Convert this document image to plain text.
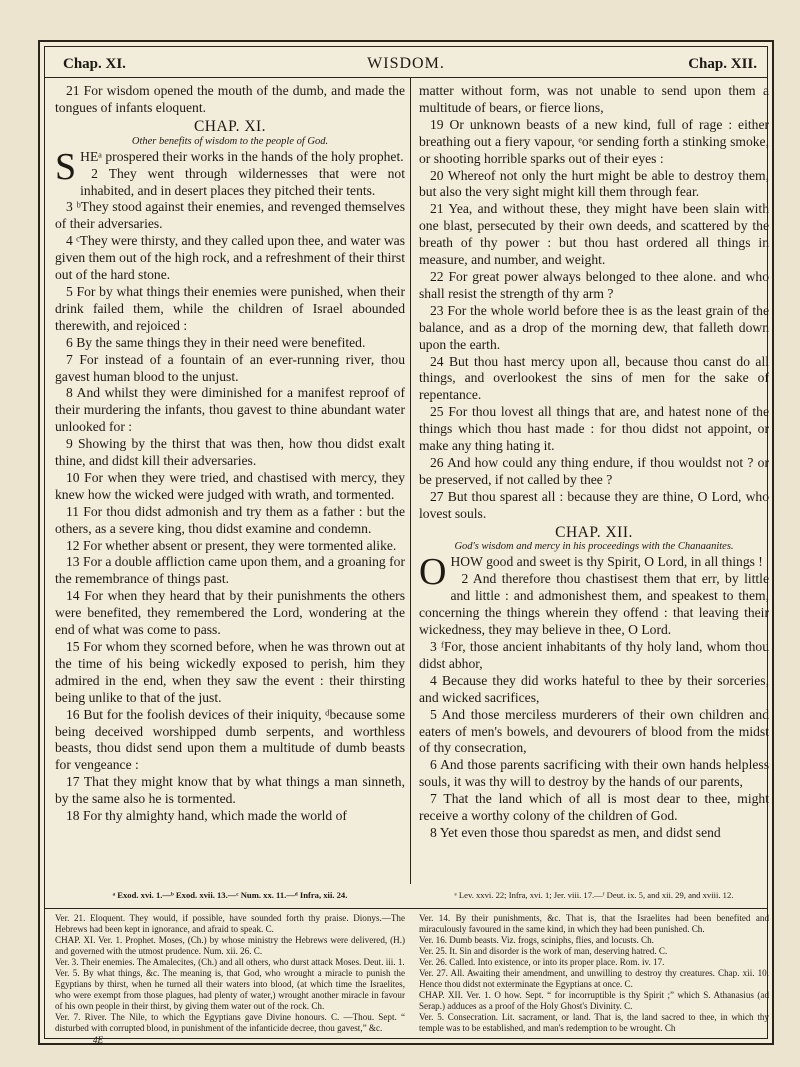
Chap. XI.	WISDOM.	Chap. XII.

21 For wisdom opened the mouth of the dumb, and made the tongues of infants eloquent.

CHAP. XI.
Other benefits of wisdom to the people of God.

SHEᵃ prospered their works in the hands of the holy prophet.

2 They went through wildernesses that were not inhabited, and in desert places they pitched their tents.

3 ᵇThey stood against their enemies, and revenged themselves of their adversaries.

4 ᶜThey were thirsty, and they called upon thee, and water was given them out of the high rock, and a refreshment of their thirst out of the hard stone.

5 For by what things their enemies were punished, when their drink failed them, while the children of Israel abounded therewith, and rejoiced :

6 By the same things they in their need were benefited.

7 For instead of a fountain of an ever-running river, thou gavest human blood to the unjust.

8 And whilst they were diminished for a manifest reproof of their murdering the infants, thou gavest to thine abundant water unlooked for :

9 Showing by the thirst that was then, how thou didst exalt thine, and didst kill their adversaries.

10 For when they were tried, and chastised with mercy, they knew how the wicked were judged with wrath, and tormented.

11 For thou didst admonish and try them as a father : but the others, as a severe king, thou didst examine and condemn.

12 For whether absent or present, they were tormented alike.

13 For a double affliction came upon them, and a groaning for the remembrance of things past.

14 For when they heard that by their punishments the others were benefited, they remembered the Lord, wondering at the end of what was come to pass.

15 For whom they scorned before, when he was thrown out at the time of his being wickedly exposed to perish, him they admired in the end, when they saw the event : their thirsting being unlike to that of the just.

16 But for the foolish devices of their iniquity, ᵈbecause some being deceived worshipped dumb serpents, and worthless beasts, thou didst send upon them a multitude of dumb beasts for vengeance :

17 That they might know that by what things a man sinneth, by the same also he is tormented.

18 For thy almighty hand, which made the world of

matter without form, was not unable to send upon them a multitude of bears, or fierce lions,

19 Or unknown beasts of a new kind, full of rage : either breathing out a fiery vapour, ᵉor sending forth a stinking smoke, or shooting horrible sparks out of their eyes :

20 Whereof not only the hurt might be able to destroy them, but also the very sight might kill them through fear.

21 Yea, and without these, they might have been slain with one blast, persecuted by their own deeds, and scattered by the breath of thy power : but thou hast ordered all things in measure, and number, and weight.

22 For great power always belonged to thee alone. and who shall resist the strength of thy arm ?

23 For the whole world before thee is as the least grain of the balance, and as a drop of the morning dew, that falleth down upon the earth.

24 But thou hast mercy upon all, because thou canst do all things, and overlookest the sins of men for the sake of repentance.

25 For thou lovest all things that are, and hatest none of the things which thou hast made : for thou didst not appoint, or make any thing hating it.

26 And how could any thing endure, if thou wouldst not ? or be preserved, if not called by thee ?

27 But thou sparest all : because they are thine, O Lord, who lovest souls.

CHAP. XII.
God's wisdom and mercy in his proceedings with the Chanaanites.

OHOW good and sweet is thy Spirit, O Lord, in all things !

2 And therefore thou chastisest them that err, by little and little : and admonishest them, and speakest to them, concerning the things wherein they offend : that leaving their wickedness, they may believe in thee, O Lord.

3 ᶠFor, those ancient inhabitants of thy holy land, whom thou didst abhor,

4 Because they did works hateful to thee by their sorceries, and wicked sacrifices,

5 And those merciless murderers of their own children and eaters of men's bowels, and devourers of blood from the midst of thy consecration,

6 And those parents sacrificing with their own hands helpless souls, it was thy will to destroy by the hands of our parents,

7 That the land which of all is most dear to thee, might receive a worthy colony of the children of God.

8 Yet even those thou sparedst as men, and didst send

ᵃ Exod. xvi. 1.—ᵇ Exod. xvii. 13.—ᶜ Num. xx. 11.—ᵈ Infra, xii. 24.	ᵉ Lev. xxvi. 22; Infra, xvi. 1; Jer. viii. 17.—ᶠ Deut. ix. 5, and xii. 29, and xviii. 12.

Ver. 21. Eloquent. They would, if possible, have sounded forth thy praise. Dionys.—The Hebrews had been kept in ignorance, and afraid to speak. C.

CHAP. XI. Ver. 1. Prophet. Moses, (Ch.) by whose ministry the Hebrews were delivered, (H.) and governed with the utmost prudence. Num. xii. 26. C.

Ver. 3. Their enemies. The Amalecites, (Ch.) and all others, who durst attack Moses. Deut. iii. 1.

Ver. 5. By what things, &c. The meaning is, that God, who wrought a miracle to punish the Egyptians by thirst, when he turned all their waters into blood, (at which time the Israelites, who were exempt from those plagues, had plenty of water,) wrought another miracle in favour of his own people in their thirst, by giving them water out of the rock. Ch.

Ver. 7. River. The Nile, to which the Egyptians gave Divine honours. C. —Thou. Sept. “ disturbed with corrupted blood, in punishment of the infanticide decree, thou gavest,” &c.

Ver. 14. By their punishments, &c. That is, that the Israelites had been benefited and miraculously favoured in the same kind, in which they had been punished. Ch.

Ver. 16. Dumb beasts. Viz. frogs, sciniphs, flies, and locusts. Ch.

Ver. 25. It. Sin and disorder is the work of man, deserving hatred. C.

Ver. 26. Called. Into existence, or into its proper place. Rom. iv. 17.

Ver. 27. All. Awaiting their amendment, and unwilling to destroy thy creatures. Chap. xii. 10. Hence thou didst not exterminate the Egyptians at once. C.

CHAP. XII. Ver. 1. O how. Sept. “ for incorruptible is thy Spirit ;” which S. Athanasius (ad Serap.) adduces as a proof of the Holy Ghost's Divinity. C.

Ver. 5. Consecration. Lit. sacrament, or land. That is, the land sacred to thee, in which thy temple was to be established, and man's redemption to be wrought. Ch

4E
